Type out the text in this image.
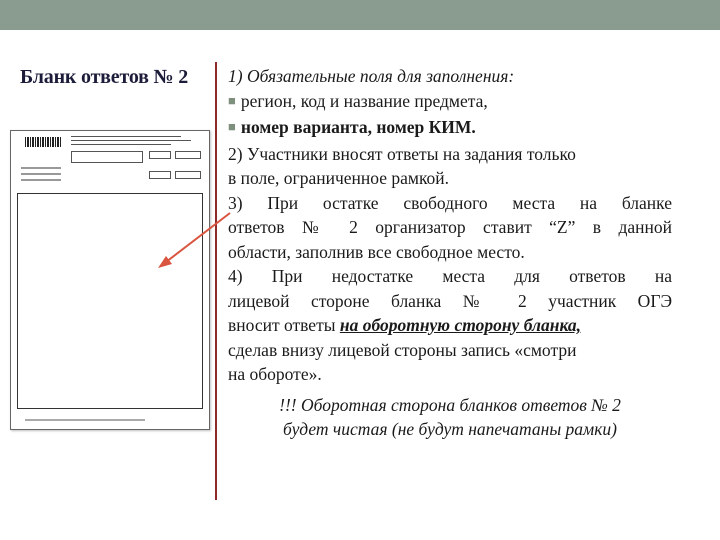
Бланк ответов № 2 1) Обязательные поля для заполнения:

■ регион, код и название предмета,

■ номер варианта, номер КИМ.

2) Участники вносят ответы на задания только

в поле, ограниченное рамкой.

3) При остатке свободного места на бланке

ответов № 2 организатор ставит “Z” в данной

области, заполнив все свободное место.

4) При недостатке места для ответов на

лицевой стороне бланка № 2 участник ОГЭ

вносит ответы на оборотную сторону бланка,

сделав внизу лицевой стороны запись «смотри

на обороте».

!!! Оборотная сторона бланков ответов № 2

будет чистая (не будут напечатаны рамки)
